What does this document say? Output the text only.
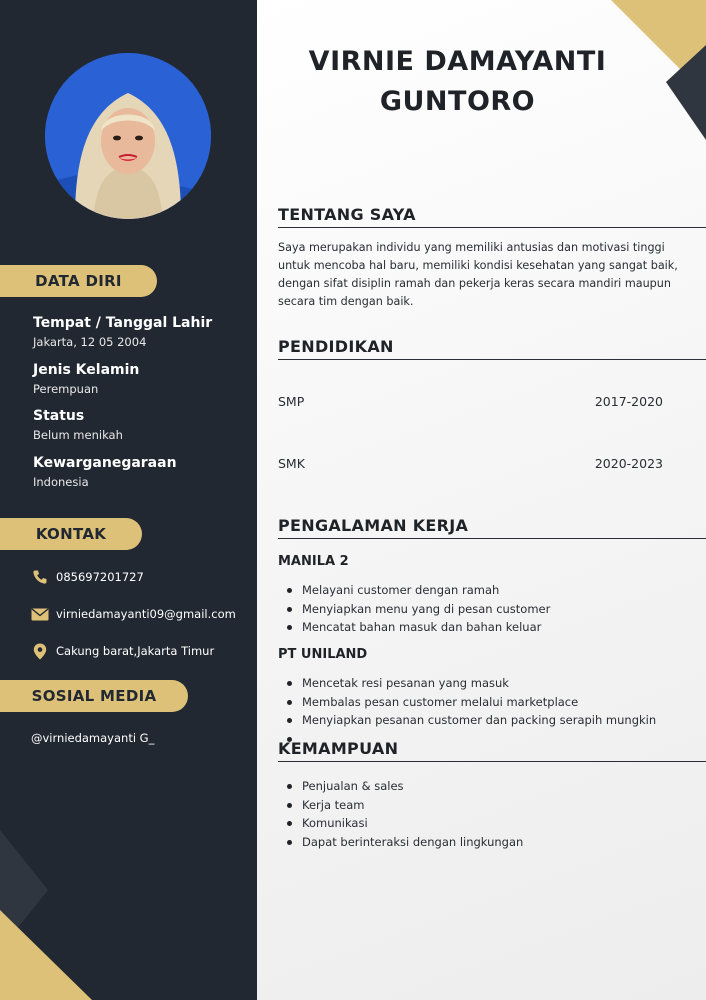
DATA DIRI
Tempat / Tanggal Lahir
Jakarta, 12 05 2004
Jenis Kelamin
Perempuan
Status
Belum menikah
Kewarganegaraan
Indonesia
KONTAK
085697201727
virniedamayanti09@gmail.com
Cakung barat,Jakarta Timur
SOSIAL MEDIA
@virniedamayanti G_
VIRNIE DAMAYANTI
GUNTORO
TENTANG SAYA
Saya merupakan individu yang memiliki antusias dan motivasi tinggi untuk mencoba hal baru, memiliki kondisi kesehatan yang sangat baik, dengan sifat disiplin ramah dan pekerja keras secara mandiri maupun secara tim dengan baik.
PENDIDIKAN
SMP	2017-2020
SMK	2020-2023
PENGALAMAN KERJA
MANILA 2
Melayani customer dengan ramah
Menyiapkan menu yang di pesan customer
Mencatat bahan masuk dan bahan keluar
PT UNILAND
Mencetak resi pesanan yang masuk
Membalas pesan customer melalui marketplace
Menyiapkan pesanan customer dan packing serapih mungkin
KEMAMPUAN
Penjualan & sales
Kerja team
Komunikasi
Dapat berinteraksi dengan lingkungan
